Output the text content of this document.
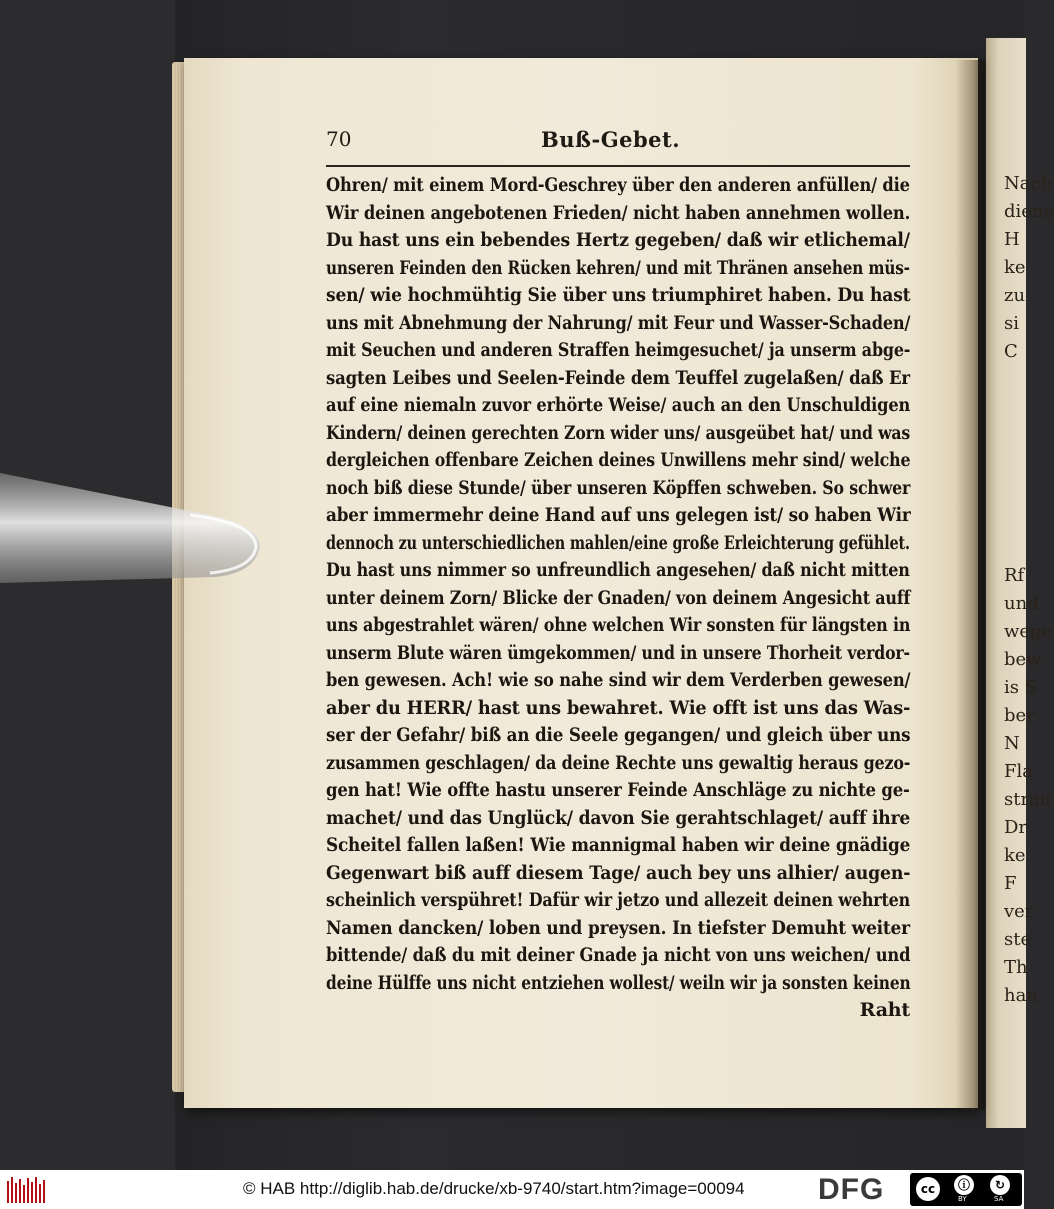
Nach
diene
H
ke
zu
si
C

Rf
und
wege
bew
is S
ber
N
Fla
strau
Dr
ke
F
ver
ste
Th
han
70	Buß-Gebet.
Ohren/ mit einem Mord-Geschrey über den anderen anfüllen/ die
Wir deinen angebotenen Frieden/ nicht haben annehmen wollen.
Du hast uns ein bebendes Hertz gegeben/ daß wir etlichemal/
unseren Feinden den Rücken kehren/ und mit Thränen ansehen müs-
sen/ wie hochmühtig Sie über uns triumphiret haben. Du hast
uns mit Abnehmung der Nahrung/ mit Feur und Wasser-Schaden/
mit Seuchen und anderen Straffen heimgesuchet/ ja unserm abge-
sagten Leibes und Seelen-Feinde dem Teuffel zugelaßen/ daß Er
auf eine niemaln zuvor erhörte Weise/ auch an den Unschuldigen
Kindern/ deinen gerechten Zorn wider uns/ ausgeübet hat/ und was
dergleichen offenbare Zeichen deines Unwillens mehr sind/ welche
noch biß diese Stunde/ über unseren Köpffen schweben. So schwer
aber immermehr deine Hand auf uns gelegen ist/ so haben Wir
dennoch zu unterschiedlichen mahlen/eine große Erleichterung gefühlet.
Du hast uns nimmer so unfreundlich angesehen/ daß nicht mitten
unter deinem Zorn/ Blicke der Gnaden/ von deinem Angesicht auff
uns abgestrahlet wären/ ohne welchen Wir sonsten für längsten in
unserm Blute wären ümgekommen/ und in unsere Thorheit verdor-
ben gewesen. Ach! wie so nahe sind wir dem Verderben gewesen/
aber du HERR/ hast uns bewahret. Wie offt ist uns das Was-
ser der Gefahr/ biß an die Seele gegangen/ und gleich über uns
zusammen geschlagen/ da deine Rechte uns gewaltig heraus gezo-
gen hat! Wie offte hastu unserer Feinde Anschläge zu nichte ge-
machet/ und das Unglück/ davon Sie gerahtschlaget/ auff ihre
Scheitel fallen laßen! Wie mannigmal haben wir deine gnädige
Gegenwart biß auff diesem Tage/ auch bey uns alhier/ augen-
scheinlich verspühret! Dafür wir jetzo und allezeit deinen wehrten
Namen dancken/ loben und preysen. In tiefster Demuht weiter
bittende/ daß du mit deiner Gnade ja nicht von uns weichen/ und
deine Hülffe uns nicht entziehen wollest/ weiln wir ja sonsten keinen
Raht
© HAB http://diglib.hab.de/drucke/xb-9740/start.htm?image=00094 DFG	cc	ⓘ	↻
BY	SA
